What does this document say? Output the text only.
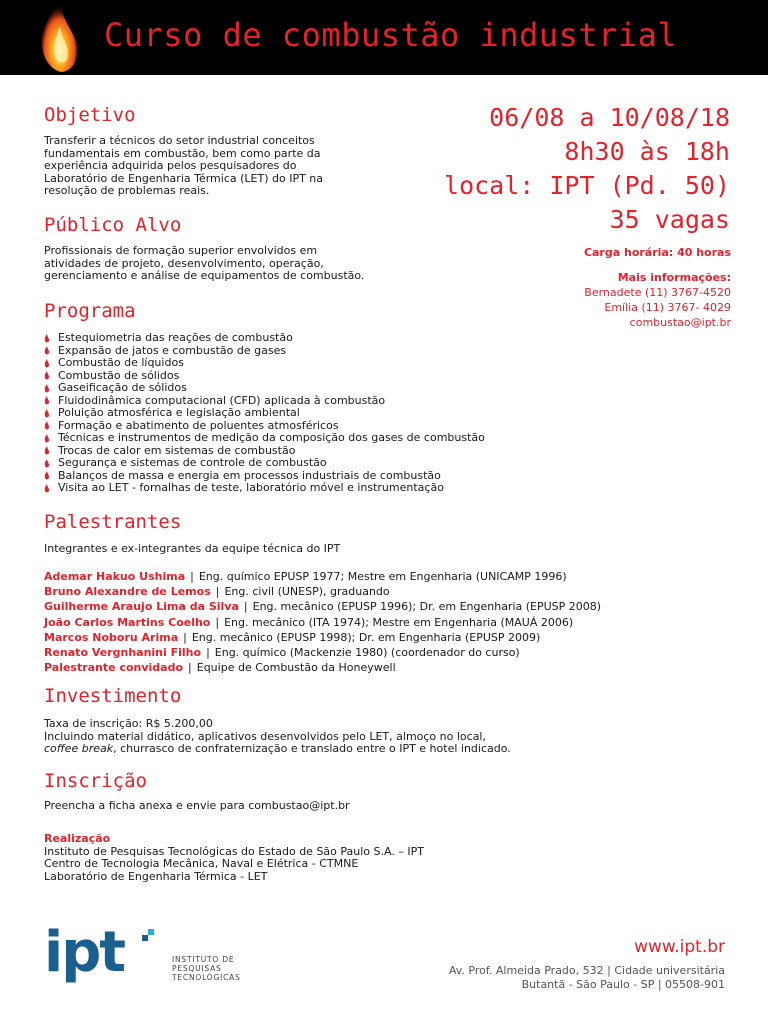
Curso de combustão industrial
Objetivo
Transferir a técnicos do setor industrial conceitos
fundamentais em combustão, bem como parte da
experiência adquirida pelos pesquisadores do
Laboratório de Engenharia Térmica (LET) do IPT na
resolução de problemas reais.
06/08 a 10/08/18
8h30 às 18h
local: IPT (Pd. 50)
35 vagas
Carga horária: 40 horas
Mais informações:
Bernadete (11) 3767-4520
Emília (11) 3767- 4029
combustao@ipt.br
Público Alvo
Profissionais de formação superior envolvidos em
atividades de projeto, desenvolvimento, operação,
gerenciamento e análise de equipamentos de combustão.
Programa
Estequiometria das reações de combustão
Expansão de jatos e combustão de gases
Combustão de líquidos
Combustão de sólidos
Gaseificação de sólidos
Fluidodinâmica computacional (CFD) aplicada à combustão
Poluição atmosférica e legislação ambiental
Formação e abatimento de poluentes atmosféricos
Técnicas e instrumentos de medição da composição dos gases de combustão
Trocas de calor em sistemas de combustão
Segurança e sistemas de controle de combustão
Balanços de massa e energia em processos industriais de combustão
Visita ao LET - fornalhas de teste, laboratório móvel e instrumentação
Palestrantes
Integrantes e ex-integrantes da equipe técnica do IPT
Ademar Hakuo Ushima | Eng. químico EPUSP 1977; Mestre em Engenharia (UNICAMP 1996)
Bruno Alexandre de Lemos | Eng. civil (UNESP), graduando
Guilherme Araujo Lima da Silva | Eng. mecânico (EPUSP 1996); Dr. em Engenharia (EPUSP 2008)
João Carlos Martins Coelho | Eng. mecânico (ITA 1974); Mestre em Engenharia (MAUÁ 2006)
Marcos Noboru Arima | Eng. mecânico (EPUSP 1998); Dr. em Engenharia (EPUSP 2009)
Renato Vergnhanini Filho | Eng. químico (Mackenzie 1980) (coordenador do curso)
Palestrante convidado | Equipe de Combustão da Honeywell
Investimento
Taxa de inscrição: R$ 5.200,00
Incluindo material didático, aplicativos desenvolvidos pelo LET, almoço no local,
coffee break, churrasco de confraternização e translado entre o IPT e hotel indicado.
Inscrição
Preencha a ficha anexa e envie para combustao@ipt.br
Realização
Instituto de Pesquisas Tecnológicas do Estado de São Paulo S.A. – IPT
Centro de Tecnologia Mecânica, Naval e Elétrica - CTMNE
Laboratório de Engenharia Térmica - LET
ipt	INSTITUTO DE
PESQUISAS
TECNOLÓGICAS
www.ipt.br
Av. Prof. Almeida Prado, 532 | Cidade universitária
Butantã - São Paulo - SP | 05508-901
